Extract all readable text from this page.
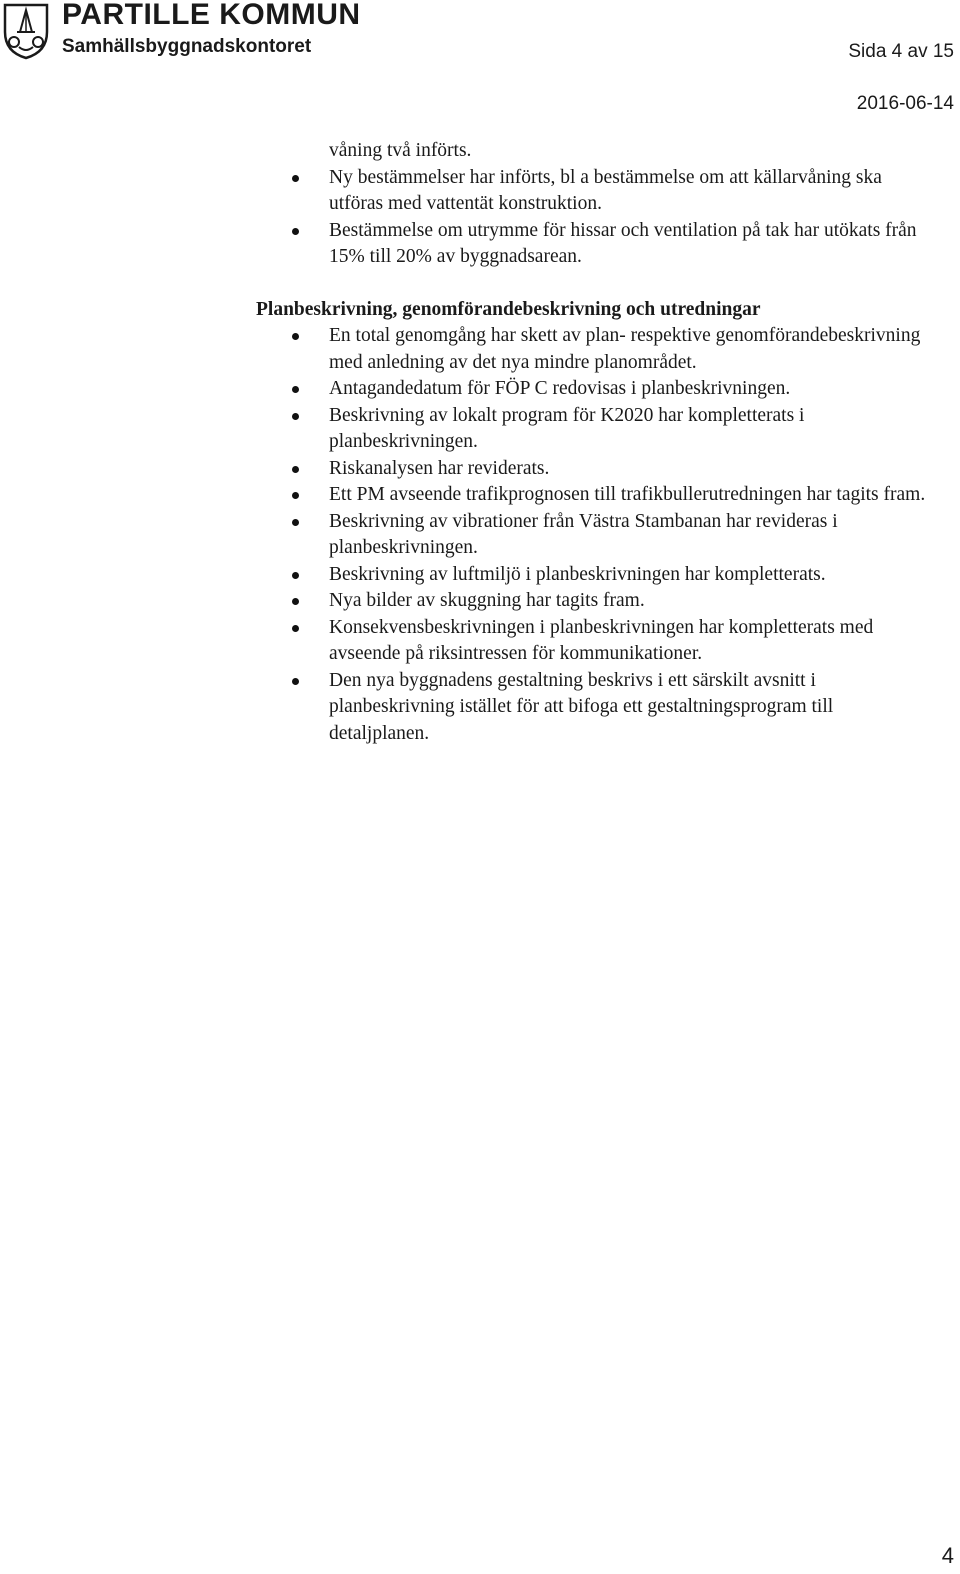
PARTILLE KOMMUN
Samhällsbyggnadskontoret	Sida 4 av 15
2016-06-14
våning två införts.
Ny bestämmelser har införts, bl a bestämmelse om att källarvåning ska utföras med vattentät konstruktion.
Bestämmelse om utrymme för hissar och ventilation på tak har utökats från 15% till 20% av byggnadsarean.
Planbeskrivning, genomförandebeskrivning och utredningar
En total genomgång har skett av plan- respektive genomförandebeskrivning med anledning av det nya mindre planområdet.
Antagandedatum för FÖP C redovisas i planbeskrivningen.
Beskrivning av lokalt program för K2020 har kompletterats i planbeskrivningen.
Riskanalysen har reviderats.
Ett PM avseende trafikprognosen till trafikbullerutredningen har tagits fram.
Beskrivning av vibrationer från Västra Stambanan har revideras i planbeskrivningen.
Beskrivning av luftmiljö i planbeskrivningen har kompletterats.
Nya bilder av skuggning har tagits fram.
Konsekvensbeskrivningen i planbeskrivningen har kompletterats med avseende på riksintressen för kommunikationer.
Den nya byggnadens gestaltning beskrivs i ett särskilt avsnitt i planbeskrivning istället för att bifoga ett gestaltningsprogram till detaljplanen.
4
